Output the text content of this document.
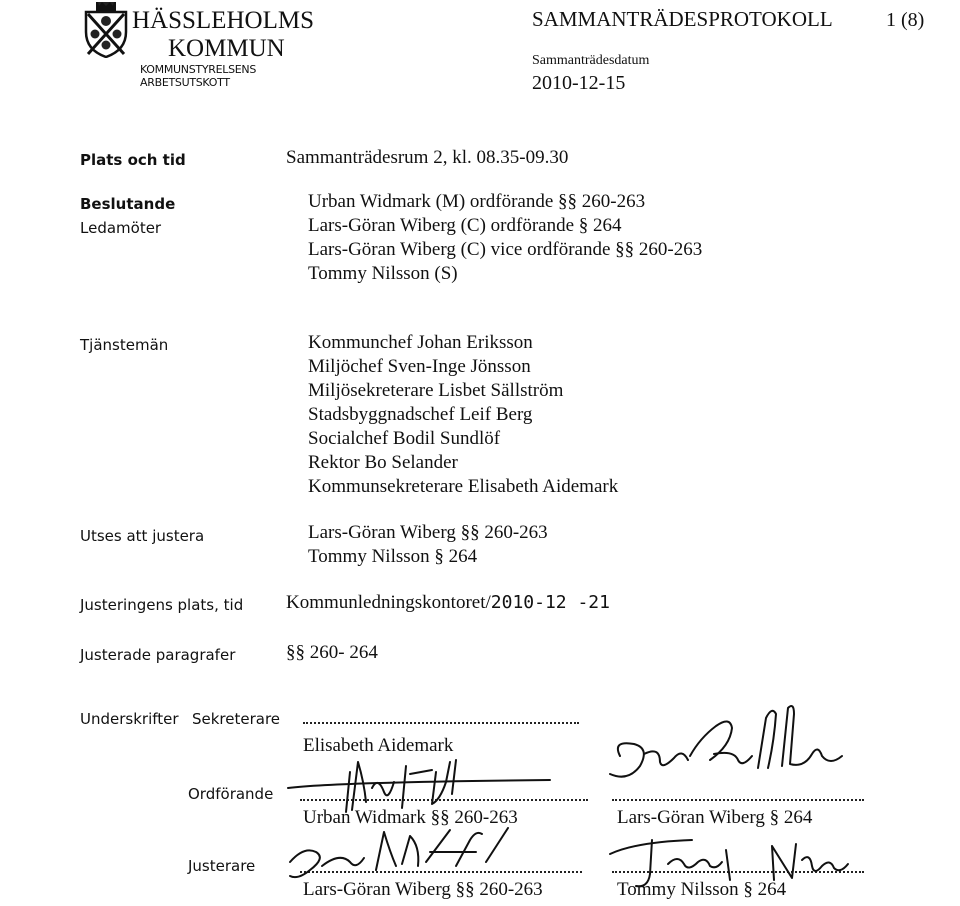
HÄSSLEHOLMS
KOMMUN
KOMMUNSTYRELSENS
ARBETSUTSKOTT
SAMMANTRÄDESPROTOKOLL	1 (8)
Sammanträdesdatum
2010-12-15
Plats och tid	Sammanträdesrum 2, kl. 08.35-09.30
Beslutande
Ledamöter
Urban Widmark (M) ordförande §§ 260-263
Lars-Göran Wiberg (C) ordförande § 264
Lars-Göran Wiberg (C) vice ordförande §§ 260-263
Tommy Nilsson (S)
Tjänstemän	Kommunchef Johan Eriksson
Miljöchef Sven-Inge Jönsson
Miljösekreterare Lisbet Sällström
Stadsbyggnadschef Leif Berg
Socialchef Bodil Sundlöf
Rektor Bo Selander
Kommunsekreterare Elisabeth Aidemark
Utses att justera	Lars-Göran Wiberg §§ 260-263
Tommy Nilsson § 264
Justeringens plats, tid Kommunledningskontoret/2010-12 -21
Justerade paragrafer	§§ 260- 264
Underskrifter Sekreterare
Elisabeth Aidemark
Ordförande
Urban Widmark §§ 260-263	Lars-Göran Wiberg § 264
Justerare
Lars-Göran Wiberg §§ 260-263	Tommy Nilsson § 264
